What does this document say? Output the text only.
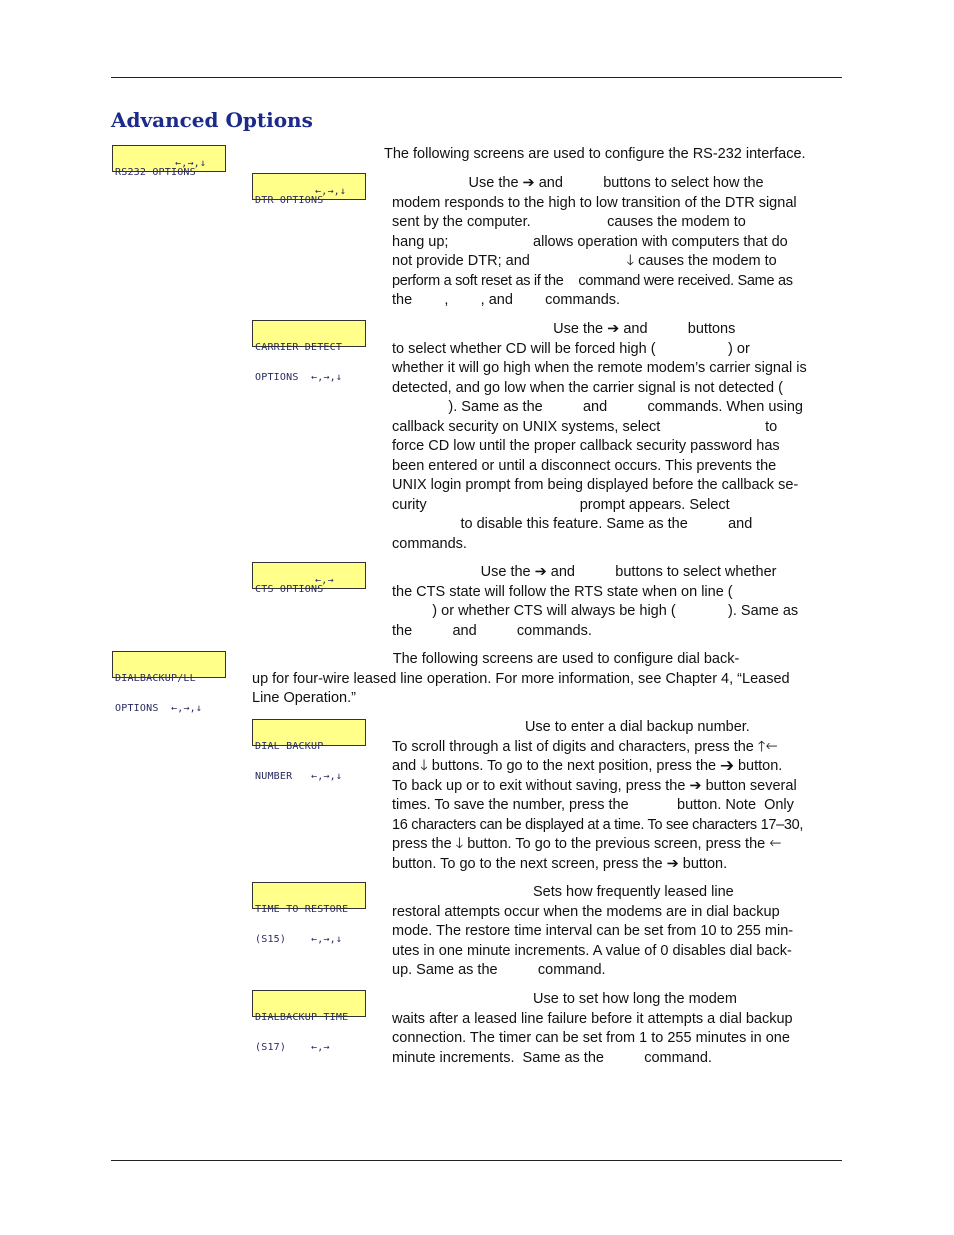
Advanced Options

RS232 OPTIONS

←,→,↓

DTR OPTIONS

←,→,↓

CARRIER DETECT

OPTIONS  ←,→,↓

CTS OPTIONS

←,→

DIALBACKUP/LL

OPTIONS  ←,→,↓

DIAL BACKUP

NUMBER   ←,→,↓

TIME TO RESTORE

(S15)    ←,→,↓

DIALBACKUP TIME

(S17)    ←,→

The following screens are used to configure the RS-232 interface.
Use the ➔ and          buttons to select how the
modem responds to the high to low transition of the DTR signal
sent by the computer.                   causes the modem to
hang up;                     allows operation with computers that do
not provide DTR; and                        🡓 causes the modem to
perform a soft reset as if the    command were received. Same as
the        ,        , and        commands.
Use the ➔ and          buttons
to select whether CD will be forced high (                  ) or
whether it will go high when the remote modem’s carrier signal is
detected, and go low when the carrier signal is not detected (
). Same as the          and          commands. When using
callback security on UNIX systems, select                          to
force CD low until the proper callback security password has
been entered or until a disconnect occurs. This prevents the
UNIX login prompt from being displayed before the callback se-
curity                                      prompt appears. Select
to disable this feature. Same as the          and
commands.
Use the ➔ and          buttons to select whether
the CTS state will follow the RTS state when on line (
) or whether CTS will always be high (             ). Same as
the          and          commands.
The following screens are used to configure dial back-
up for four-wire leased line operation. For more information, see Chapter 4, “Leased
Line Operation.”
Use to enter a dial backup number.
To scroll through a list of digits and characters, press the 🡑🡐
and 🡓 buttons. To go to the next position, press the ➔ button.
To back up or to exit without saving, press the ➔ button several
times. To save the number, press the            button. Note  Only
16 characters can be displayed at a time. To see characters 17–30,
press the 🡓 button. To go to the previous screen, press the 🡐
button. To go to the next screen, press the ➔ button.
Sets how frequently leased line
restoral attempts occur when the modems are in dial backup
mode. The restore time interval can be set from 10 to 255 min-
utes in one minute increments. A value of 0 disables dial back-
up. Same as the          command.
Use to set how long the modem
waits after a leased line failure before it attempts a dial backup
connection. The timer can be set from 1 to 255 minutes in one
minute increments.  Same as the          command.
